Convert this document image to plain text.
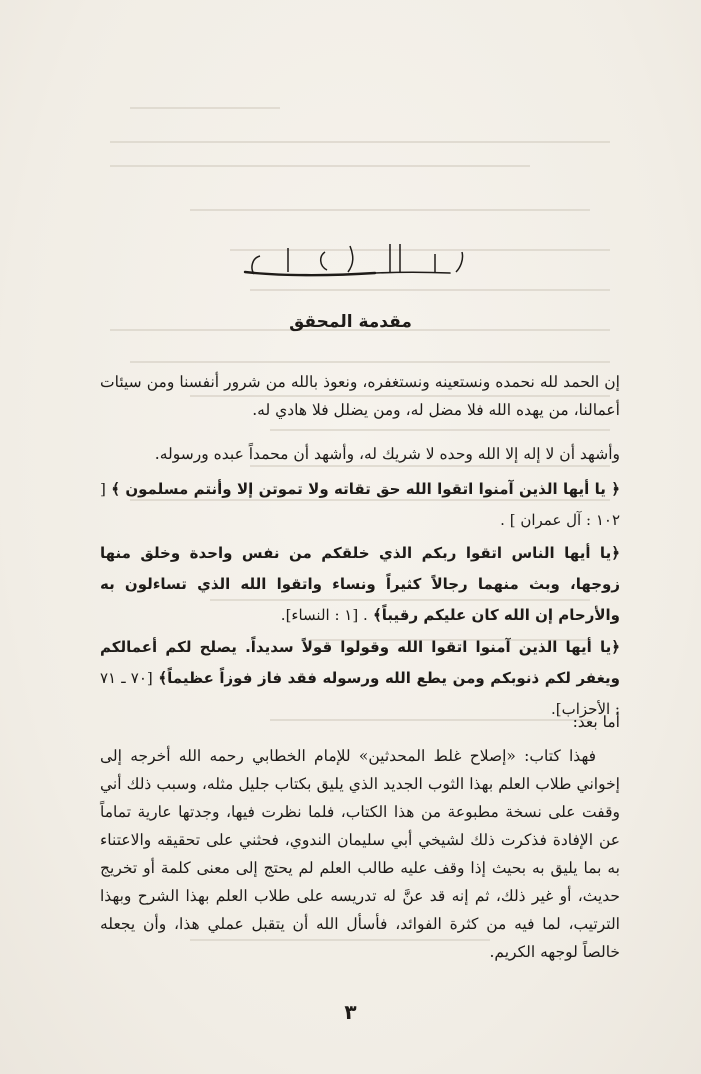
مقدمة المحقق
إن الحمد لله نحمده ونستعينه ونستغفره، ونعوذ بالله من شرور أنفسنا ومن سيئات أعمالنا، من يهده الله فلا مضل له، ومن يضلل فلا هادي له.
وأشهد أن لا إله إلا الله وحده لا شريك له، وأشهد أن محمداً عبده ورسوله.
﴿ يا أيها الذين آمنوا اتقوا الله حق تقاته ولا تموتن إلا وأنتم مسلمون ﴾ [ ١٠٢ : آل عمران ] .
﴿يا أيها الناس اتقوا ربكم الذي خلقكم من نفس واحدة وخلق منها زوجها، وبث منهما رجالاً كثيراً ونساء واتقوا الله الذي تساءلون به والأرحام إن الله كان عليكم رقيباً﴾ . [١ : النساء].
﴿يا أيها الذين آمنوا اتقوا الله وقولوا قولاً سديداً. يصلح لكم أعمالكم ويغفر لكم ذنوبكم ومن يطع الله ورسوله فقد فاز فوزاً عظيماً﴾ [٧٠ ـ ٧١ : الأحزاب].
أما بعد:
فهذا كتاب: «إصلاح غلط المحدثين» للإمام الخطابي رحمه الله أخرجه إلى إخواني طلاب العلم بهذا الثوب الجديد الذي يليق بكتاب جليل مثله، وسبب ذلك أني وقفت على نسخة مطبوعة من هذا الكتاب، فلما نظرت فيها، وجدتها عارية تماماً عن الإفادة فذكرت ذلك لشيخي أبي سليمان الندوي، فحثني على تحقيقه والاعتناء به بما يليق به بحيث إذا وقف عليه طالب العلم لم يحتج إلى معنى كلمة أو تخريج حديث، أو غير ذلك، ثم إنه قد عنَّ له تدريسه على طلاب العلم بهذا الشرح وبهذا الترتيب، لما فيه من كثرة الفوائد، فأسأل الله أن يتقبل عملي هذا، وأن يجعله خالصاً لوجهه الكريم.
٣
